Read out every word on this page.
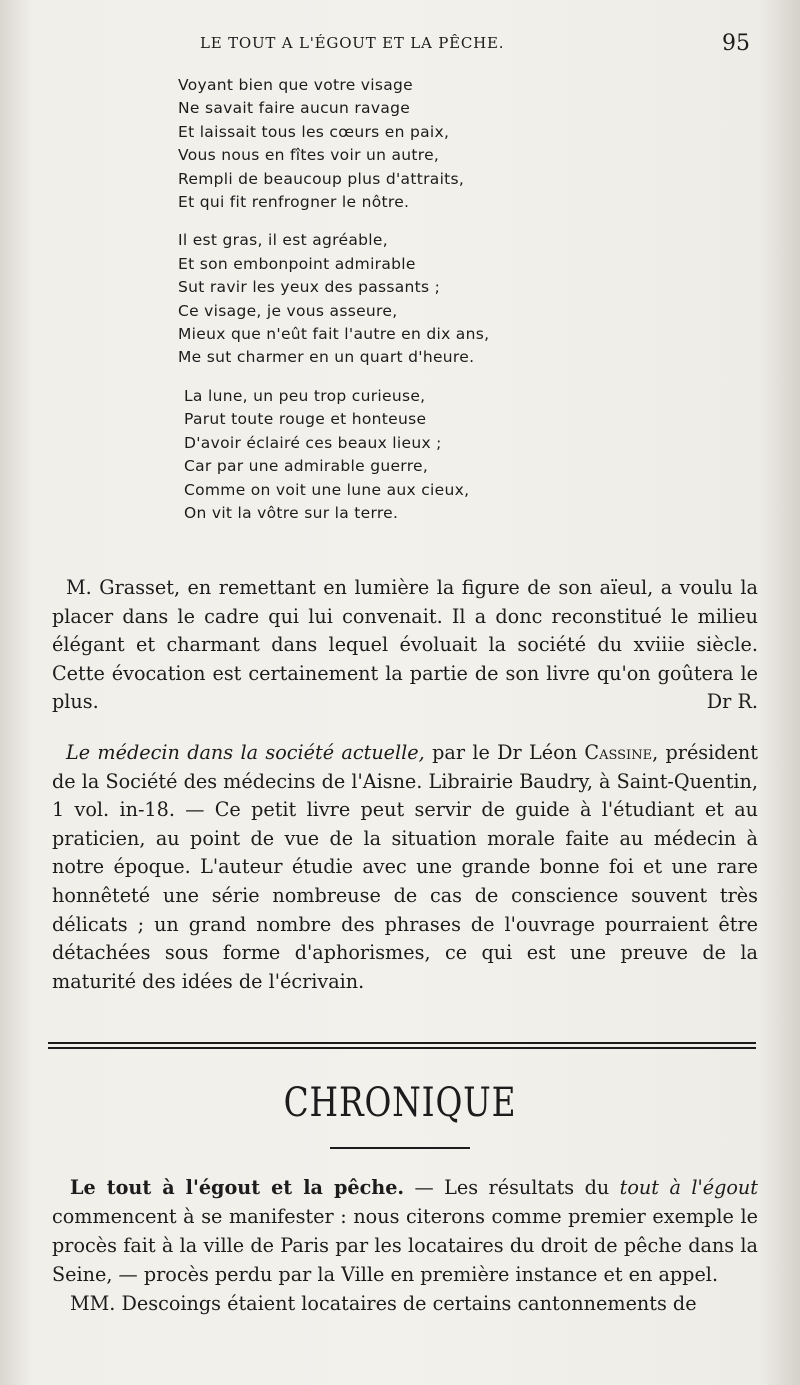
LE TOUT A L'ÉGOUT ET LA PÊCHE.	95
Voyant bien que votre visage
Ne savait faire aucun ravage
Et laissait tous les cœurs en paix,
Vous nous en fîtes voir un autre,
Rempli de beaucoup plus d'attraits,
Et qui fit renfrogner le nôtre.
Il est gras, il est agréable,
Et son embonpoint admirable
Sut ravir les yeux des passants ;
Ce visage, je vous asseure,
Mieux que n'eût fait l'autre en dix ans,
Me sut charmer en un quart d'heure.
La lune, un peu trop curieuse,
Parut toute rouge et honteuse
D'avoir éclairé ces beaux lieux ;
Car par une admirable guerre,
Comme on voit une lune aux cieux,
On vit la vôtre sur la terre.

M. Grasset, en remettant en lumière la figure de son aïeul, a voulu la placer dans le cadre qui lui convenait. Il a donc reconstitué le milieu élégant et charmant dans lequel évoluait la société du xviiie siècle. Cette évocation est certainement la partie de son livre qu'on goûtera le plus.	Dr R.

Le médecin dans la société actuelle, par le Dr Léon Cassine, président de la Société des médecins de l'Aisne. Librairie Baudry, à Saint-Quentin, 1 vol. in-18. — Ce petit livre peut servir de guide à l'étudiant et au praticien, au point de vue de la situation morale faite au médecin à notre époque. L'auteur étudie avec une grande bonne foi et une rare honnêteté une série nombreuse de cas de conscience souvent très délicats ; un grand nombre des phrases de l'ouvrage pourraient être détachées sous forme d'aphorismes, ce qui est une preuve de la maturité des idées de l'écrivain.

CHRONIQUE

Le tout à l'égout et la pêche. — Les résultats du tout à l'égout commencent à se manifester : nous citerons comme premier exemple le procès fait à la ville de Paris par les locataires du droit de pêche dans la Seine, — procès perdu par la Ville en première instance et en appel.

MM. Descoings étaient locataires de certains cantonnements de
